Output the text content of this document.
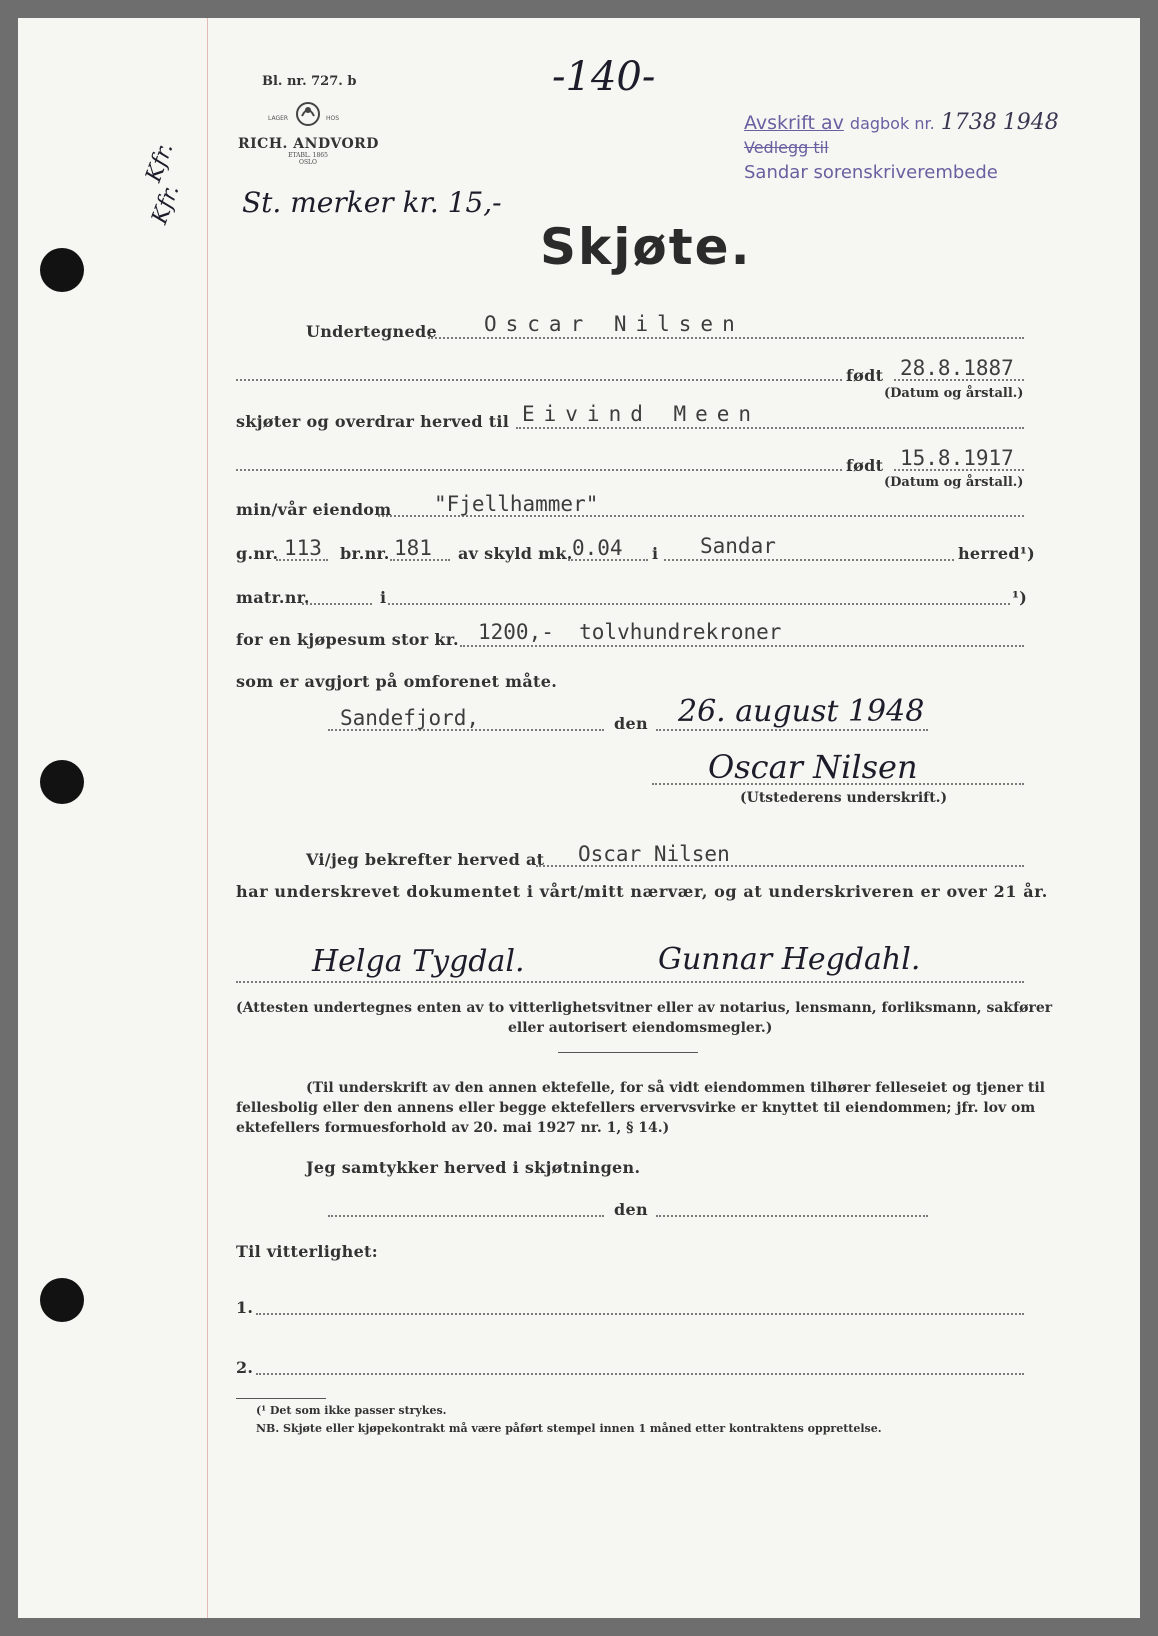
Bl. nr. 727. b
LAGER	HOS
RICH. ANDVORD
ETABL. 1865
OSLO
-140-
St. merker kr. 15,-
Kfr.
Kfr.
Avskrift av dagbok nr. 1738 1948
Vedlegg til
Sandar sorenskriverembede
Skjøte.
Undertegnede Oscar Nilsen
født 28.8.1887
(Datum og årstall.)
skjøter og overdrar herved til Eivind Meen
født 15.8.1917
(Datum og årstall.)
min/vår eiendom "Fjellhammer"
g.nr. 113 br.nr. 181 av skyld mk. 0.04 i Sandar	herred¹)
matr.nr.	i	¹)
for en kjøpesum stor kr. 1200,-  tolvhundrekroner
som er avgjort på omforenet måte.
Sandefjord,	den 26. august 1948
Oscar Nilsen
(Utstederens underskrift.)
Vi/jeg bekrefter herved at Oscar Nilsen
har underskrevet dokumentet i vårt/mitt nærvær, og at underskriveren er over 21 år.
Helga Tygdal.	Gunnar Hegdahl.
(Attesten undertegnes enten av to vitterlighetsvitner eller av notarius, lensmann, forliksmann, sakfører
eller autorisert eiendomsmegler.)
(Til underskrift av den annen ektefelle, for så vidt eiendommen tilhører felleseiet og tjener til
fellesbolig eller den annens eller begge ektefellers ervervsvirke er knyttet til eiendommen; jfr. lov om
ektefellers formuesforhold av 20. mai 1927 nr. 1, § 14.)
Jeg samtykker herved i skjøtningen.
den
Til vitterlighet:
1.
2.
(¹ Det som ikke passer strykes.
NB. Skjøte eller kjøpekontrakt må være påført stempel innen 1 måned etter kontraktens opprettelse.
